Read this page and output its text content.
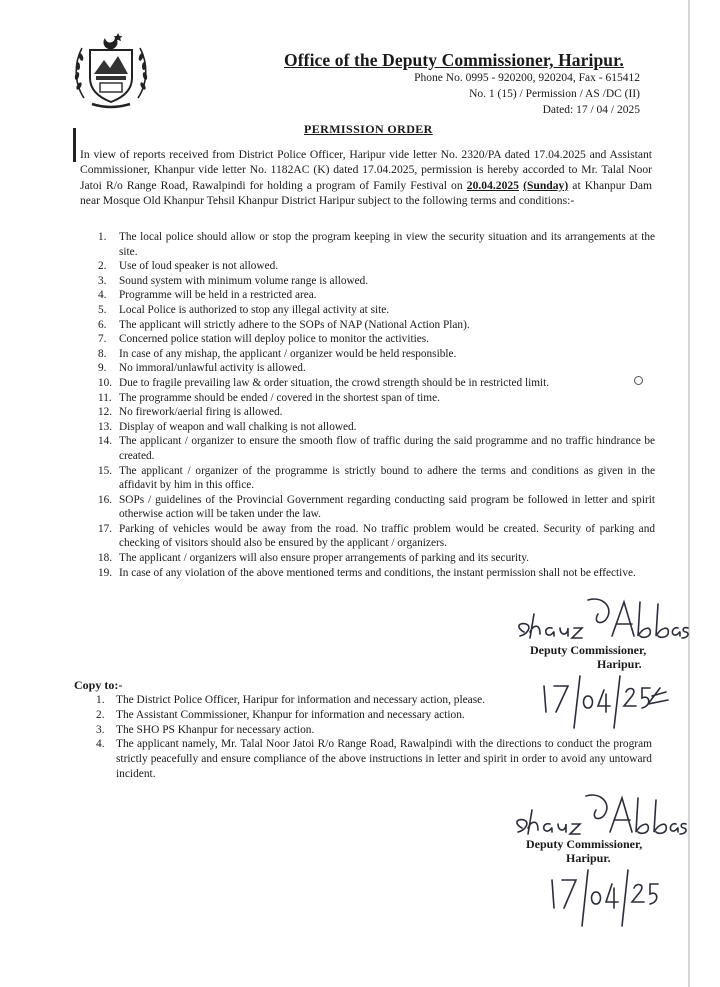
Office of the Deputy Commissioner, Haripur.
Phone No. 0995 - 920200, 920204, Fax - 615412
No. 1 (15) / Permission / AS /DC (II)
Dated: 17 / 04 / 2025
PERMISSION ORDER
In view of reports received from District Police Officer, Haripur vide letter No. 2320/PA dated 17.04.2025 and Assistant Commissioner, Khanpur vide letter No. 1182AC (K) dated 17.04.2025, permission is hereby accorded to Mr. Talal Noor Jatoi R/o Range Road, Rawalpindi for holding a program of Family Festival on 20.04.2025 (Sunday) at Khanpur Dam near Mosque Old Khanpur Tehsil Khanpur District Haripur subject to the following terms and conditions:-
1. The local police should allow or stop the program keeping in view the security situation and its arrangements at the site.
2. Use of loud speaker is not allowed.
3. Sound system with minimum volume range is allowed.
4. Programme will be held in a restricted area.
5. Local Police is authorized to stop any illegal activity at site.
6. The applicant will strictly adhere to the SOPs of NAP (National Action Plan).
7. Concerned police station will deploy police to monitor the activities.
8. In case of any mishap, the applicant / organizer would be held responsible.
9. No immoral/unlawful activity is allowed.
10. Due to fragile prevailing law & order situation, the crowd strength should be in restricted limit.
11. The programme should be ended / covered in the shortest span of time.
12. No firework/aerial firing is allowed.
13. Display of weapon and wall chalking is not allowed.
14. The applicant / organizer to ensure the smooth flow of traffic during the said programme and no traffic hindrance be created.
15. The applicant / organizer of the programme is strictly bound to adhere the terms and conditions as given in the affidavit by him in this office.
16. SOPs / guidelines of the Provincial Government regarding conducting said program be followed in letter and spirit otherwise action will be taken under the law.
17. Parking of vehicles would be away from the road. No traffic problem would be created. Security of parking and checking of visitors should also be ensured by the applicant / organizers.
18. The applicant / organizers will also ensure proper arrangements of parking and its security.
19. In case of any violation of the above mentioned terms and conditions, the instant permission shall not be effective.
Deputy Commissioner,
Haripur.
Copy to:-
1. The District Police Officer, Haripur for information and necessary action, please.
2. The Assistant Commissioner, Khanpur for information and necessary action.
3. The SHO PS Khanpur for necessary action.
4. The applicant namely, Mr. Talal Noor Jatoi R/o Range Road, Rawalpindi with the directions to conduct the program strictly peacefully and ensure compliance of the above instructions in letter and spirit in order to avoid any untoward incident.
Deputy Commissioner,
Haripur.
